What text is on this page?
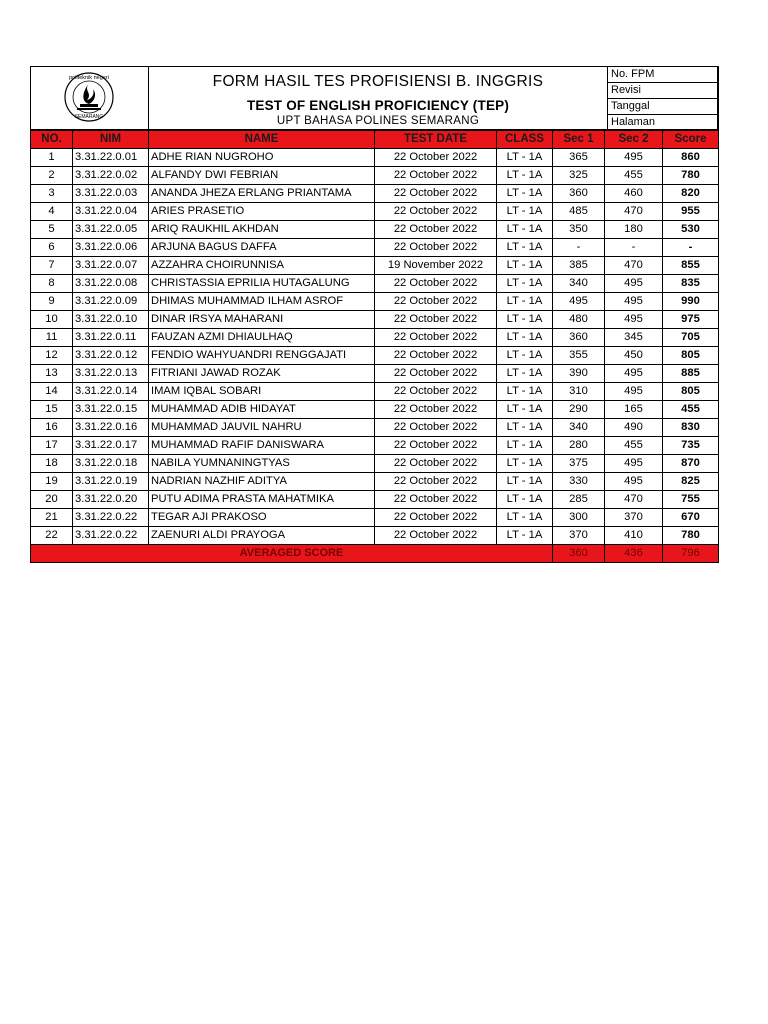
politeknik negeri
SEMARANG
FORM HASIL TES PROFISIENSI B. INGGRIS
TEST OF ENGLISH PROFICIENCY (TEP)
UPT BAHASA POLINES SEMARANG
No. FPM
Revisi
Tanggal
Halaman
NO.	NIM	NAME	TEST DATE	CLASS	Sec 1	Sec 2	Score
1	3.31.22.0.01	ADHE RIAN NUGROHO	22 October 2022	LT - 1A	365	495	860
2	3.31.22.0.02	ALFANDY DWI FEBRIAN	22 October 2022	LT - 1A	325	455	780
3	3.31.22.0.03	ANANDA JHEZA ERLANG PRIANTAMA	22 October 2022	LT - 1A	360	460	820
4	3.31.22.0.04	ARIES PRASETIO	22 October 2022	LT - 1A	485	470	955
5	3.31.22.0.05	ARIQ RAUKHIL AKHDAN	22 October 2022	LT - 1A	350	180	530
6	3.31.22.0.06	ARJUNA BAGUS DAFFA	22 October 2022	LT - 1A	-	-	-
7	3.31.22.0.07	AZZAHRA CHOIRUNNISA	19 November 2022	LT - 1A	385	470	855
8	3.31.22.0.08	CHRISTASSIA EPRILIA HUTAGALUNG	22 October 2022	LT - 1A	340	495	835
9	3.31.22.0.09	DHIMAS MUHAMMAD ILHAM ASROF	22 October 2022	LT - 1A	495	495	990
10	3.31.22.0.10	DINAR IRSYA MAHARANI	22 October 2022	LT - 1A	480	495	975
11	3.31.22.0.11	FAUZAN AZMI DHIAULHAQ	22 October 2022	LT - 1A	360	345	705
12	3.31.22.0.12	FENDIO WAHYUANDRI RENGGAJATI	22 October 2022	LT - 1A	355	450	805
13	3.31.22.0.13	FITRIANI JAWAD ROZAK	22 October 2022	LT - 1A	390	495	885
14	3.31.22.0.14	IMAM IQBAL SOBARI	22 October 2022	LT - 1A	310	495	805
15	3.31.22.0.15	MUHAMMAD ADIB HIDAYAT	22 October 2022	LT - 1A	290	165	455
16	3.31.22.0.16	MUHAMMAD JAUVIL NAHRU	22 October 2022	LT - 1A	340	490	830
17	3.31.22.0.17	MUHAMMAD RAFIF DANISWARA	22 October 2022	LT - 1A	280	455	735
18	3.31.22.0.18	NABILA YUMNANINGTYAS	22 October 2022	LT - 1A	375	495	870
19	3.31.22.0.19	NADRIAN NAZHIF ADITYA	22 October 2022	LT - 1A	330	495	825
20	3.31.22.0.20	PUTU ADIMA PRASTA MAHATMIKA	22 October 2022	LT - 1A	285	470	755
21	3.31.22.0.22	TEGAR AJI PRAKOSO	22 October 2022	LT - 1A	300	370	670
22	3.31.22.0.22	ZAENURI ALDI PRAYOGA	22 October 2022	LT - 1A	370	410	780
AVERAGED SCORE					360	436	796
